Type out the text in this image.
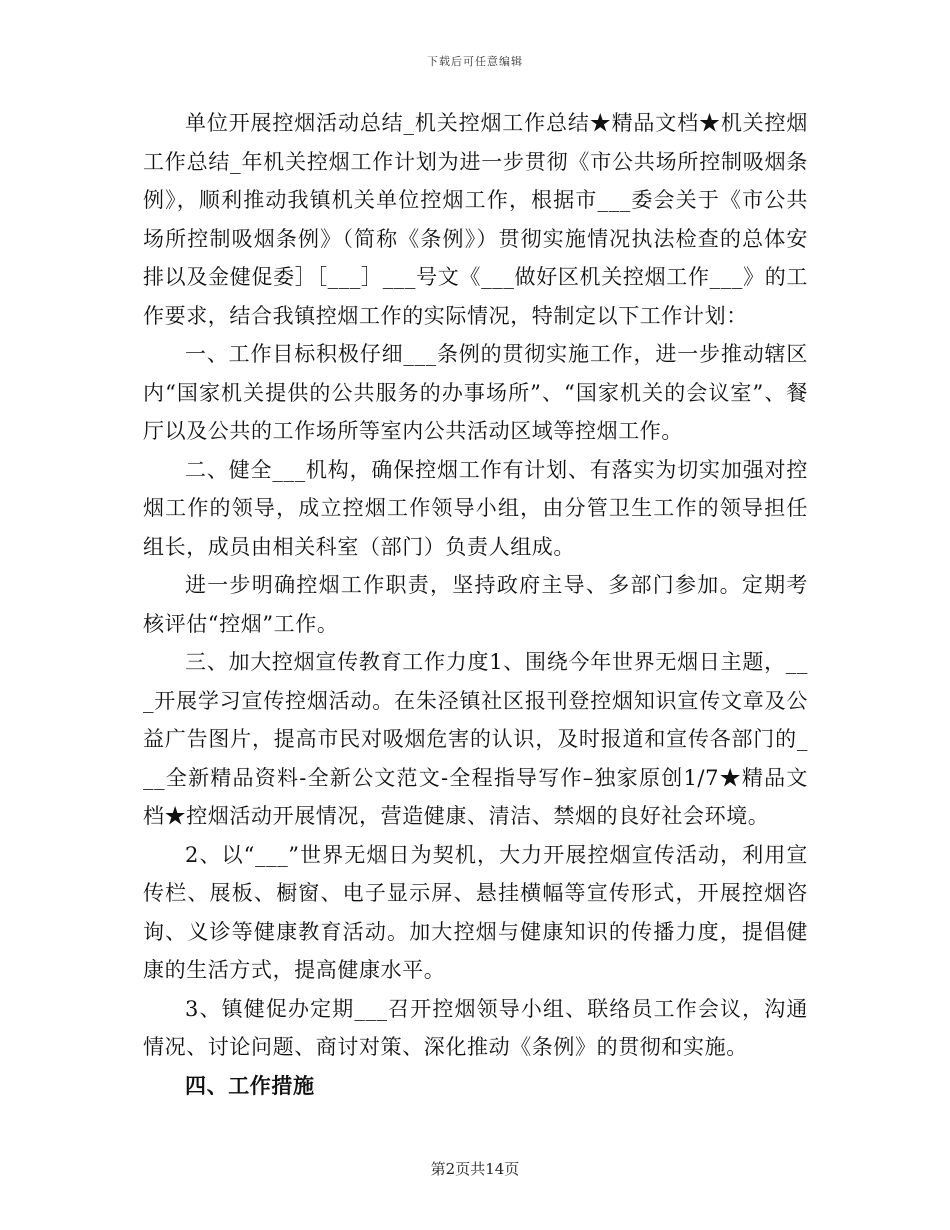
下载后可任意编辑

单位开展控烟活动总结_机关控烟工作总结★精品文档★机关控烟工作总结_年机关控烟工作计划为进一步贯彻《市公共场所控制吸烟条例》，顺利推动我镇机关单位控烟工作，根据市___委会关于《市公共场所控制吸烟条例》（简称《条例》）贯彻实施情况执法检查的总体安排以及金健促委］［___］___号文《___做好区机关控烟工作___》的工作要求，结合我镇控烟工作的实际情况，特制定以下工作计划：

一、工作目标积极仔细___条例的贯彻实施工作，进一步推动辖区内“国家机关提供的公共服务的办事场所”、“国家机关的会议室”、餐厅以及公共的工作场所等室内公共活动区域等控烟工作。

二、健全___机构，确保控烟工作有计划、有落实为切实加强对控烟工作的领导，成立控烟工作领导小组，由分管卫生工作的领导担任组长，成员由相关科室（部门）负责人组成。

进一步明确控烟工作职责，坚持政府主导、多部门参加。定期考核评估“控烟”工作。

三、加大控烟宣传教育工作力度1、围绕今年世界无烟日主题，___开展学习宣传控烟活动。在朱泾镇社区报刊登控烟知识宣传文章及公益广告图片，提高市民对吸烟危害的认识，及时报道和宣传各部门的___全新精品资料-全新公文范文-全程指导写作–独家原创1/7★精品文档★控烟活动开展情况，营造健康、清洁、禁烟的良好社会环境。

2、以“___”世界无烟日为契机，大力开展控烟宣传活动，利用宣传栏、展板、橱窗、电子显示屏、悬挂横幅等宣传形式，开展控烟咨询、义诊等健康教育活动。加大控烟与健康知识的传播力度，提倡健康的生活方式，提高健康水平。

3、镇健促办定期___召开控烟领导小组、联络员工作会议，沟通情况、讨论问题、商讨对策、深化推动《条例》的贯彻和实施。

四、工作措施

第2页共14页
